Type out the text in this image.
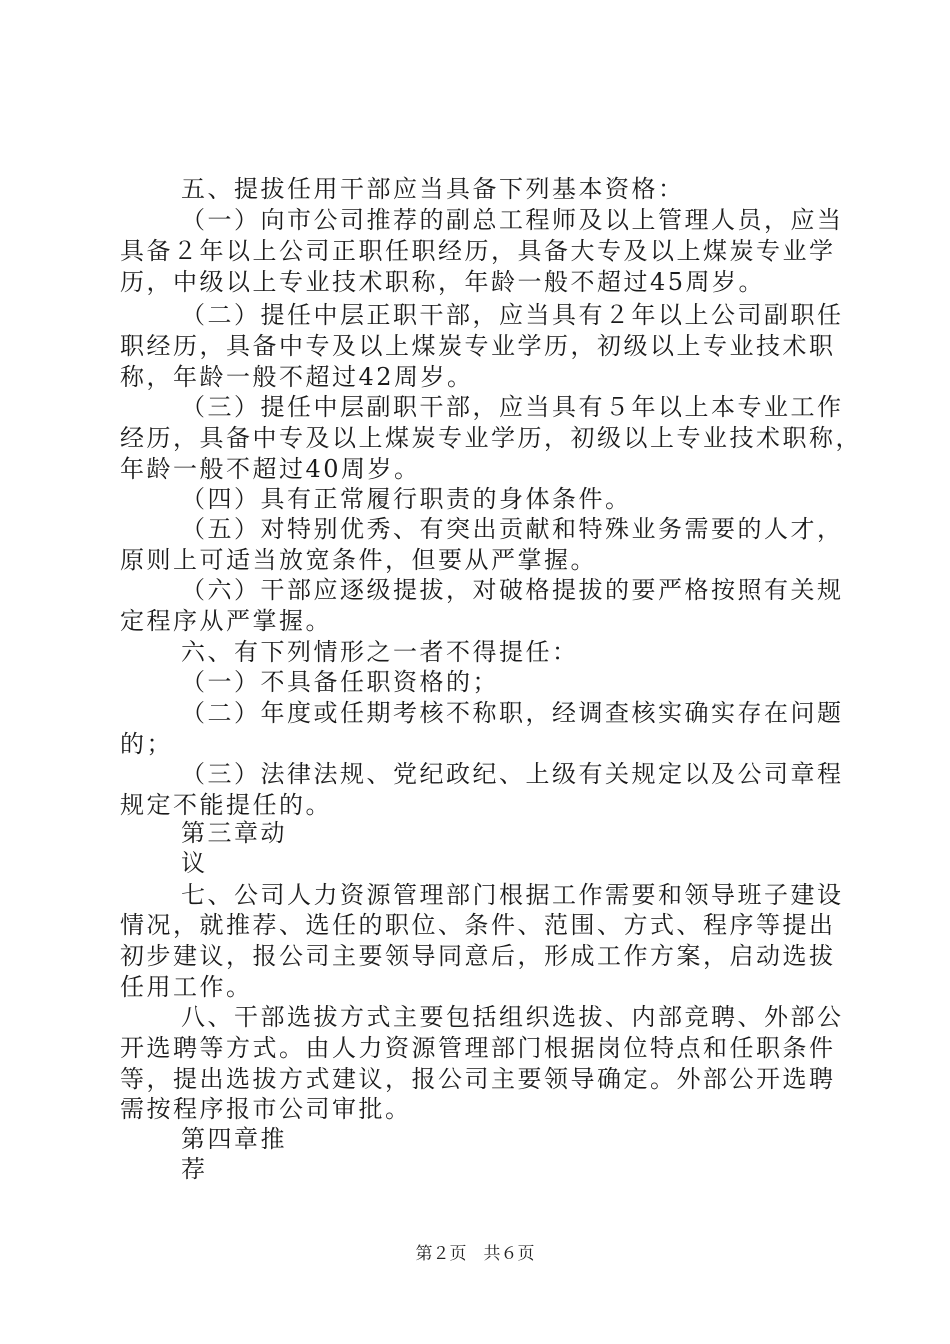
五、提拔任用干部应当具备下列基本资格：
（一）向市公司推荐的副总工程师及以上管理人员，应当
具备２年以上公司正职任职经历，具备大专及以上煤炭专业学
历，中级以上专业技术职称，年龄一般不超过45周岁。
（二）提任中层正职干部，应当具有２年以上公司副职任
职经历，具备中专及以上煤炭专业学历，初级以上专业技术职
称，年龄一般不超过42周岁。
（三）提任中层副职干部，应当具有５年以上本专业工作
经历，具备中专及以上煤炭专业学历，初级以上专业技术职称，
年龄一般不超过40周岁。
（四）具有正常履行职责的身体条件。
（五）对特别优秀、有突出贡献和特殊业务需要的人才，
原则上可适当放宽条件，但要从严掌握。
（六）干部应逐级提拔，对破格提拔的要严格按照有关规
定程序从严掌握。
六、有下列情形之一者不得提任：
（一）不具备任职资格的；
（二）年度或任期考核不称职，经调查核实确实存在问题
的；
（三）法律法规、党纪政纪、上级有关规定以及公司章程
规定不能提任的。
第三章动
议
七、公司人力资源管理部门根据工作需要和领导班子建设
情况，就推荐、选任的职位、条件、范围、方式、程序等提出
初步建议，报公司主要领导同意后，形成工作方案，启动选拔
任用工作。
八、干部选拔方式主要包括组织选拔、内部竞聘、外部公
开选聘等方式。由人力资源管理部门根据岗位特点和任职条件
等，提出选拔方式建议，报公司主要领导确定。外部公开选聘
需按程序报市公司审批。
第四章推
荐
第２页　共６页
